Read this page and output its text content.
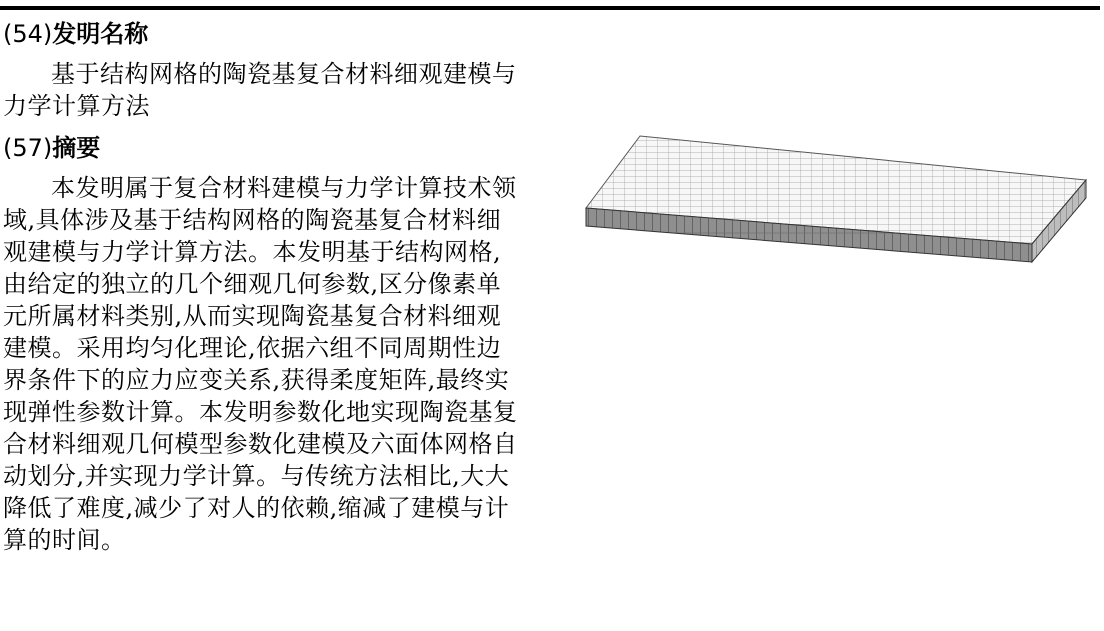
(54)发明名称

基于结构网格的陶瓷基复合材料细观建模与力学计算方法

(57)摘要

本发明属于复合材料建模与力学计算技术领域,具体涉及基于结构网格的陶瓷基复合材料细观建模与力学计算方法。本发明基于结构网格,由给定的独立的几个细观几何参数,区分像素单元所属材料类别,从而实现陶瓷基复合材料细观建模。采用均匀化理论,依据六组不同周期性边界条件下的应力应变关系,获得柔度矩阵,最终实现弹性参数计算。本发明参数化地实现陶瓷基复合材料细观几何模型参数化建模及六面体网格自动划分,并实现力学计算。与传统方法相比,大大降低了难度,减少了对人的依赖,缩减了建模与计算的时间。
